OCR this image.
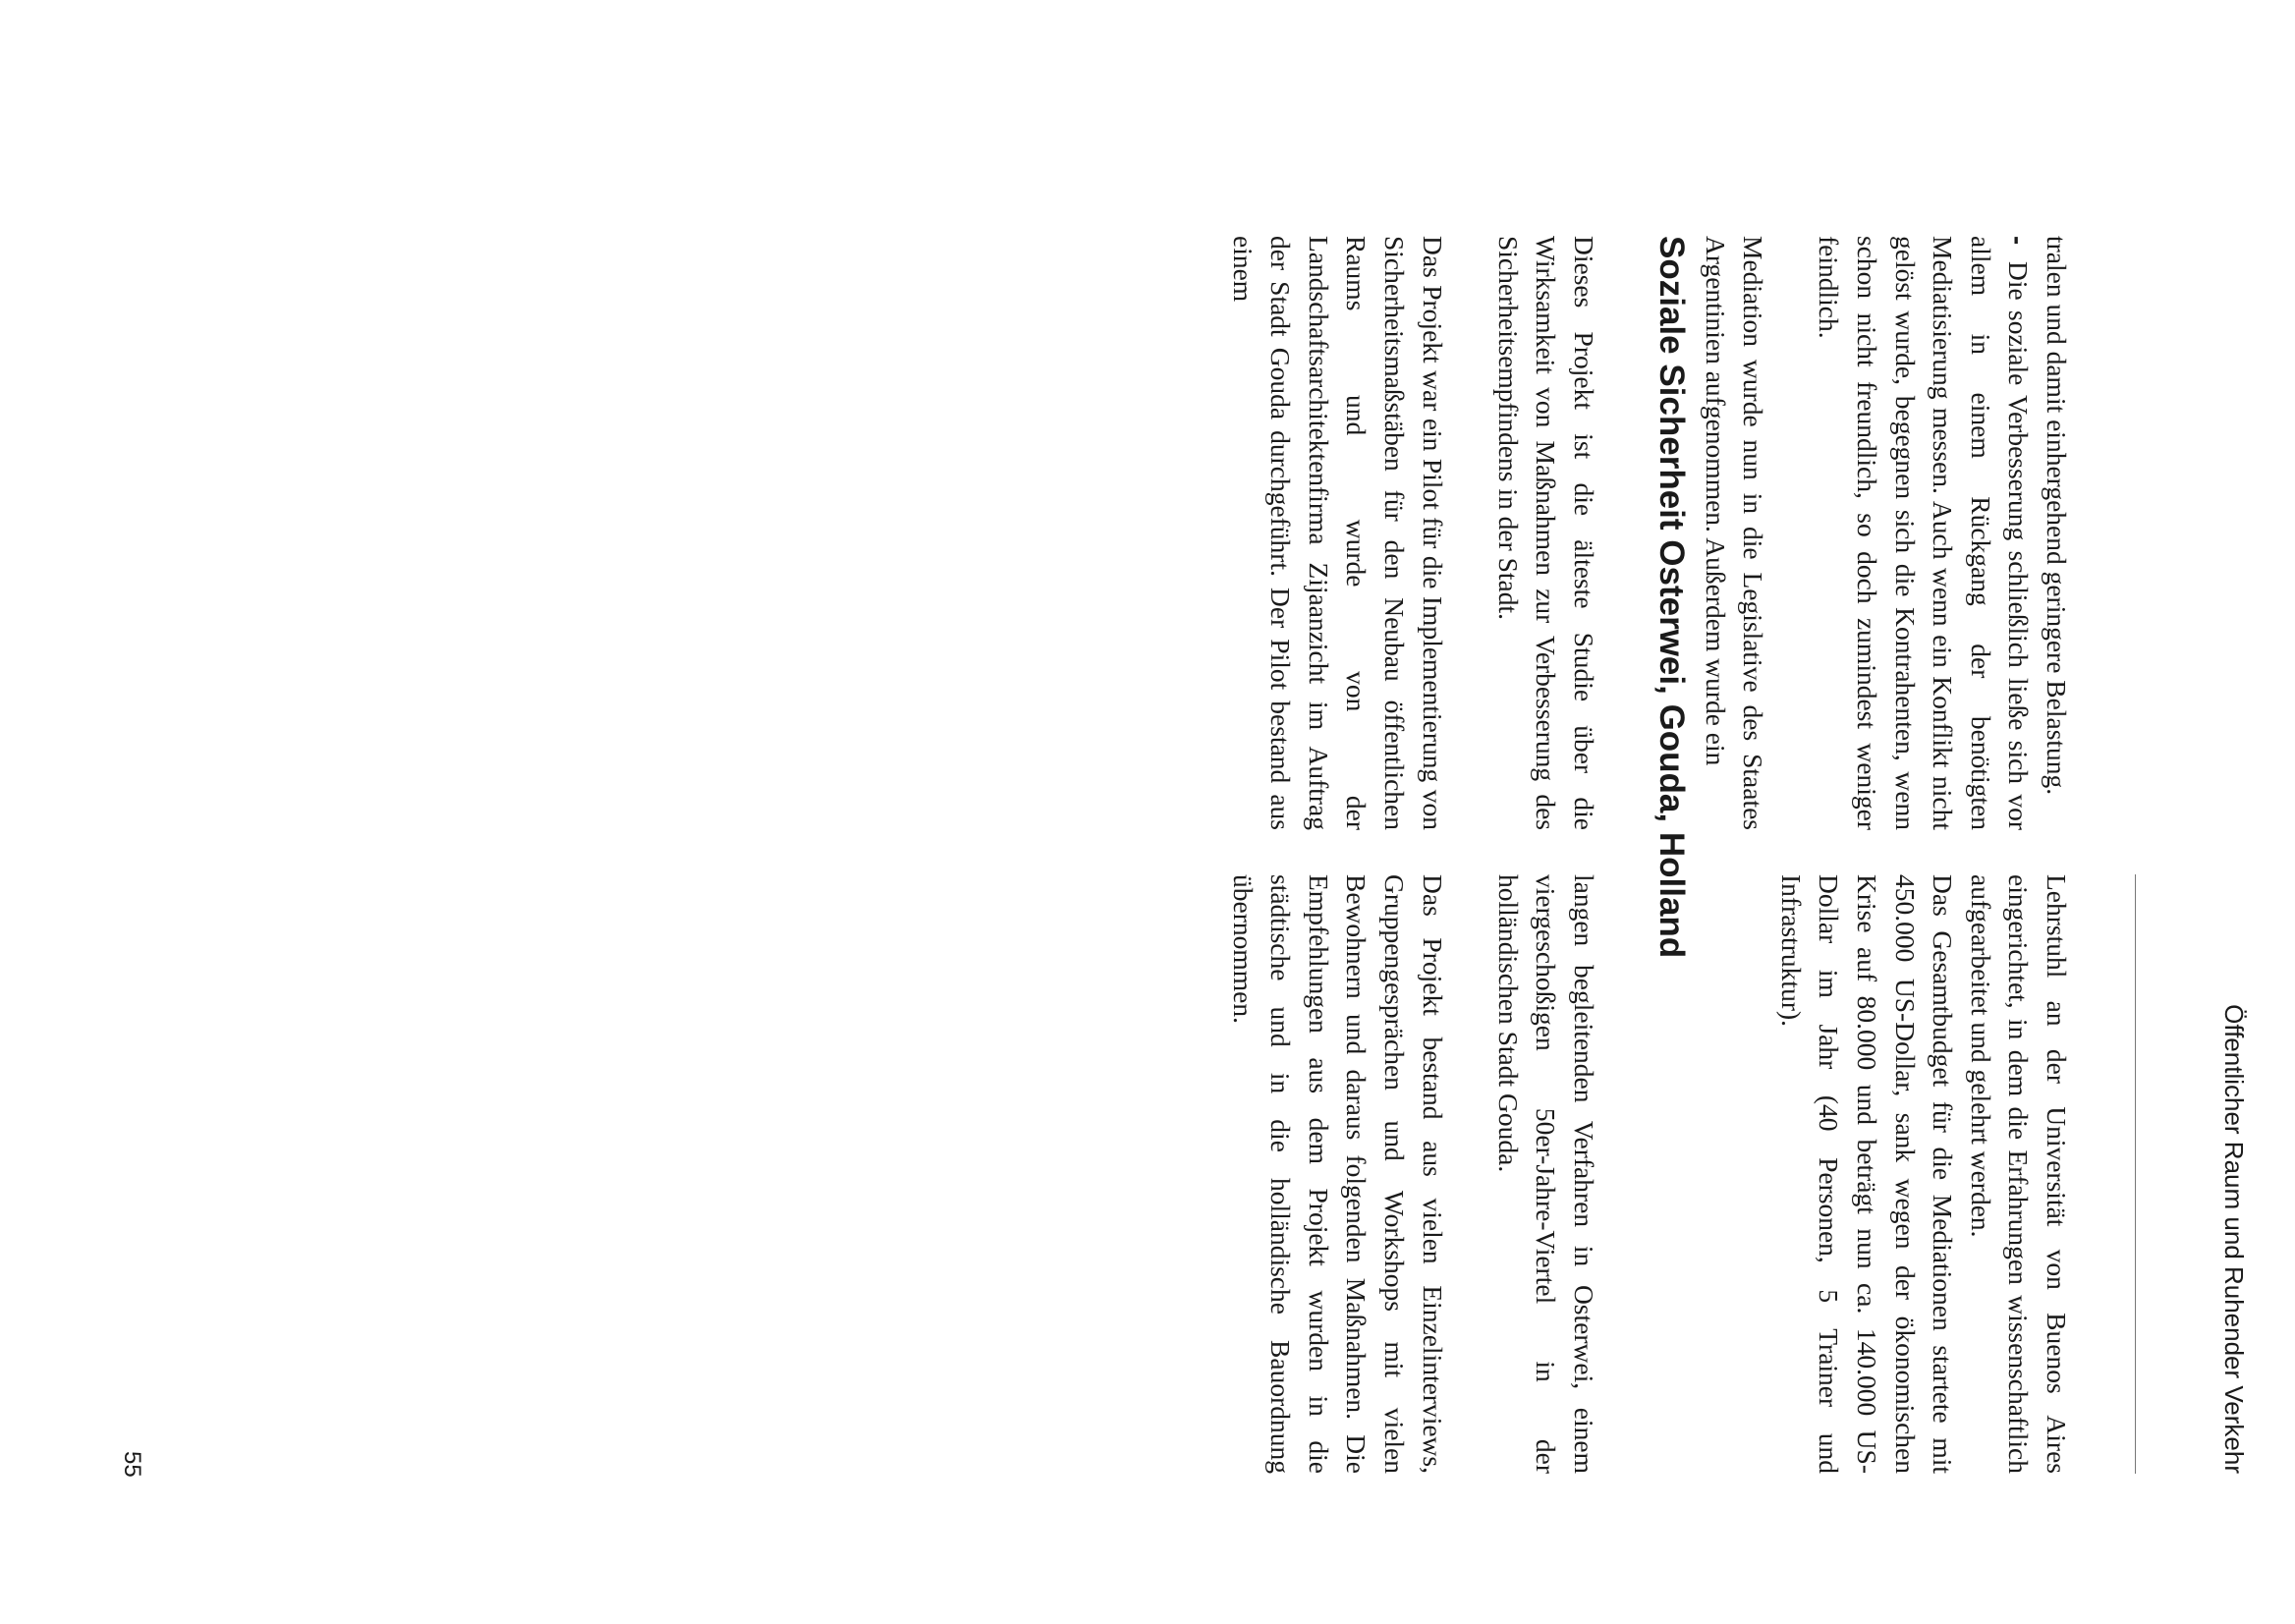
Öffentlicher Raum und Ruhender Verkehr

tralen und damit einhergehend geringere Belastung.

-
Die soziale Verbesserung schließlich ließe sich vor allem in einem Rückgang der benötigten Mediatisierung messen. Auch wenn ein Konflikt nicht gelöst wurde, begegnen sich die Kontrahenten, wenn schon nicht freundlich, so doch zumindest weniger feindlich.

Mediation wurde nun in die Legislative des Staates Argentinien aufgenommen. Außerdem wurde ein

Lehrstuhl an der Universität von Buenos Aires eingerichtet, in dem die Erfahrungen wissenschaftlich aufgearbeitet und gelehrt werden.

Das Gesamtbudget für die Mediationen startete mit 450.000 US-Dollar, sank wegen der ökonomischen Krise auf 80.000 und beträgt nun ca. 140.000 US-Dollar im Jahr (40 Personen, 5 Trainer und Infrastruktur).

Soziale Sicherheit Osterwei, Gouda, Holland

Dieses Projekt ist die älteste Studie über die Wirksamkeit von Maßnahmen zur Verbesserung des Sicherheitsempfindens in der Stadt.

Das Projekt war ein Pilot für die Implementierung von Sicherheitsmaßstäben für den Neubau öffentlichen Raums und wurde von der Landschaftsarchitektenfirma Zijaanzicht im Auftrag der Stadt Gouda durchgeführt. Der Pilot bestand aus einem

langen begleitenden Verfahren in Osterwei, einem viergeschoßigen 50er-Jahre-Viertel in der holländischen Stadt Gouda.

Das Projekt bestand aus vielen Einzelinterviews, Gruppengesprächen und Workshops mit vielen Bewohnern und daraus folgenden Maßnahmen. Die Empfehlungen aus dem Projekt wurden in die städtische und in die holländische Bauordnung übernommen.

55
